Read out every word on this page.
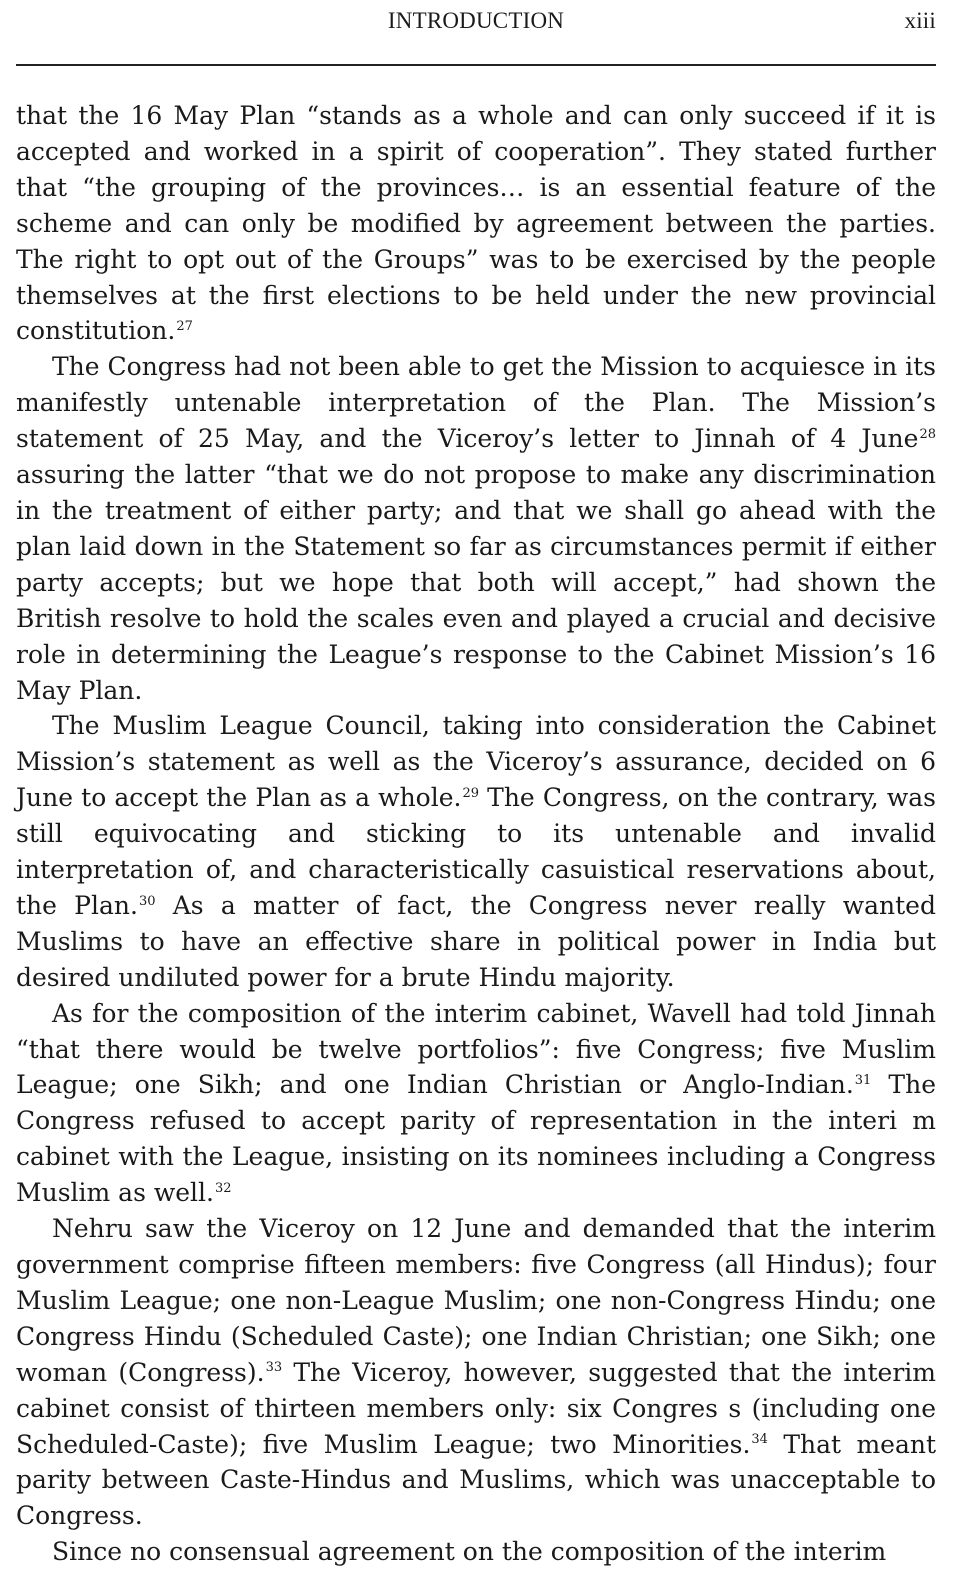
INTRODUCTION	xiii

that the 16 May Plan “stands as a whole and can only succeed if it is accepted and worked in a spirit of cooperation”. They stated further that “the grouping of the provinces… is an essential feature of the scheme and can only be modified by agreement between the parties. The right to opt out of the Groups” was to be exercised by the people themselves at the first elections to be held under the new provincial constitution.$^{27}$

The Congress had not been able to get the Mission to acquiesce in its manifestly untenable interpretation of the Plan. The Mission’s statement of 25 May, and the Viceroy’s letter to Jinnah of 4 June$^{28}$ assuring the latter “that we do not propose to make any discrimination in the treatment of either party; and that we shall go ahead with the plan laid down in the Statement so far as circumstances permit if either party accepts; but we hope that both will accept,” had shown the British resolve to hold the scales even and played a crucial and decisive role in determining the League’s response to the Cabinet Mission’s 16 May Plan.

The Muslim League Council, taking into consideration the Cabinet Mission’s statement as well as the Viceroy’s assurance, decided on 6 June to accept the Plan as a whole.$^{29}$ The Congress, on the contrary, was still equivocating and sticking to its untenable and invalid interpretation of, and characteristically casuistical reservations about, the Plan.$^{30}$ As a matter of fact, the Congress never really wanted Muslims to have an effective share in political power in India but desired undiluted power for a brute Hindu majority.

As for the composition of the interim cabinet, Wavell had told Jinnah “that there would be twelve portfolios”: five Congress; five Muslim League; one Sikh; and one Indian Christian or Anglo-Indian.$^{31}$ The Congress refused to accept parity of representation in the interi m cabinet with the League, insisting on its nominees including a Congress Muslim as well.$^{32}$

Nehru saw the Viceroy on 12 June and demanded that the interim government comprise fifteen members: five Congress (all Hindus); four Muslim League; one non-League Muslim; one non-Congress Hindu; one Congress Hindu (Scheduled Caste); one Indian Christian; one Sikh; one woman (Congress).$^{33}$ The Viceroy, however, suggested that the interim cabinet consist of thirteen members only: six Congres s (including one Scheduled-Caste); five Muslim League; two Minorities.$^{34}$ That meant parity between Caste-Hindus and Muslims, which was unacceptable to Congress.

Since no consensual agreement on the composition of the interim
